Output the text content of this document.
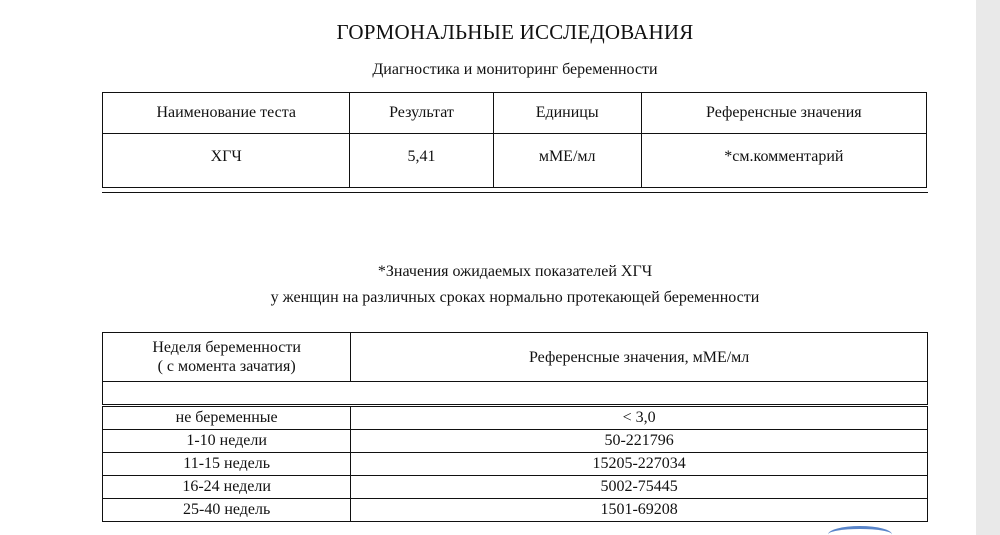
ГОРМОНАЛЬНЫЕ ИССЛЕДОВАНИЯ
Диагностика и мониторинг беременности
Наименование теста	Результат	Единицы	Референсные значения
ХГЧ	5,41	мМЕ/мл	*см.комментарий
*Значения ожидаемых показателей ХГЧ
у женщин на различных сроках нормально протекающей беременности
Неделя беременности
( с момента зачатия)	Референсные значения, мМЕ/мл

не беременные	< 3,0
1-10 недели	50-221796
11-15 недель	15205-227034
16-24 недели	5002-75445
25-40 недель	1501-69208
